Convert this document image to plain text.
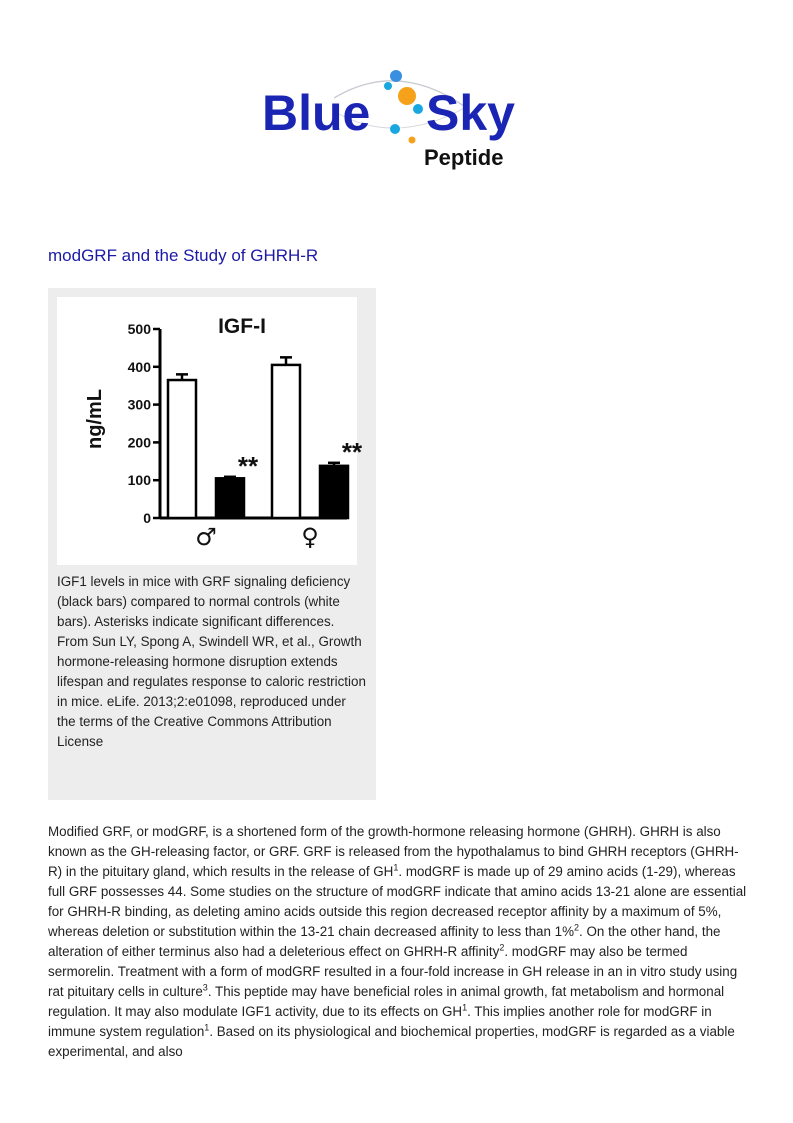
Blue Sky
Peptide
modGRF and the Study of GHRH-R
IGF-I
ng/mL
0
100
200
300
400
500
**
♂
**
♀

IGF1 levels in mice with GRF signaling deficiency (black bars) compared to normal controls (white bars). Asterisks indicate significant differences. From Sun LY, Spong A, Swindell WR, et al., Growth hormone-releasing hormone disruption extends lifespan and regulates response to caloric restriction in mice. eLife. 2013;2:e01098, reproduced under the terms of the Creative Commons Attribution License

Modified GRF, or modGRF, is a shortened form of the growth-hormone releasing hormone (GHRH). GHRH is also known as the GH-releasing factor, or GRF. GRF is released from the hypothalamus to bind GHRH receptors (GHRH-R) in the pituitary gland, which results in the release of $GH^1$. modGRF is made up of 29 amino acids (1-29), whereas full GRF possesses 44. Some studies on the structure of modGRF indicate that amino acids 13-21 alone are essential for GHRH-R binding, as deleting amino acids outside this region decreased receptor affinity by a maximum of 5%, whereas deletion or substitution within the 13-21 chain decreased affinity to less than 1%$^2$. On the other hand, the alteration of either terminus also had a deleterious effect on GHRH-R affinity$^2$. modGRF may also be termed sermorelin. Treatment with a form of modGRF resulted in a four-fold increase in GH release in an in vitro study using rat pituitary cells in culture$^3$. This peptide may have beneficial roles in animal growth, fat metabolism and hormonal regulation. It may also modulate IGF1 activity, due to its effects on $GH^1$. This implies another role for modGRF in immune system regulation$^1$. Based on its physiological and biochemical properties, modGRF is regarded as a viable experimental, and also
